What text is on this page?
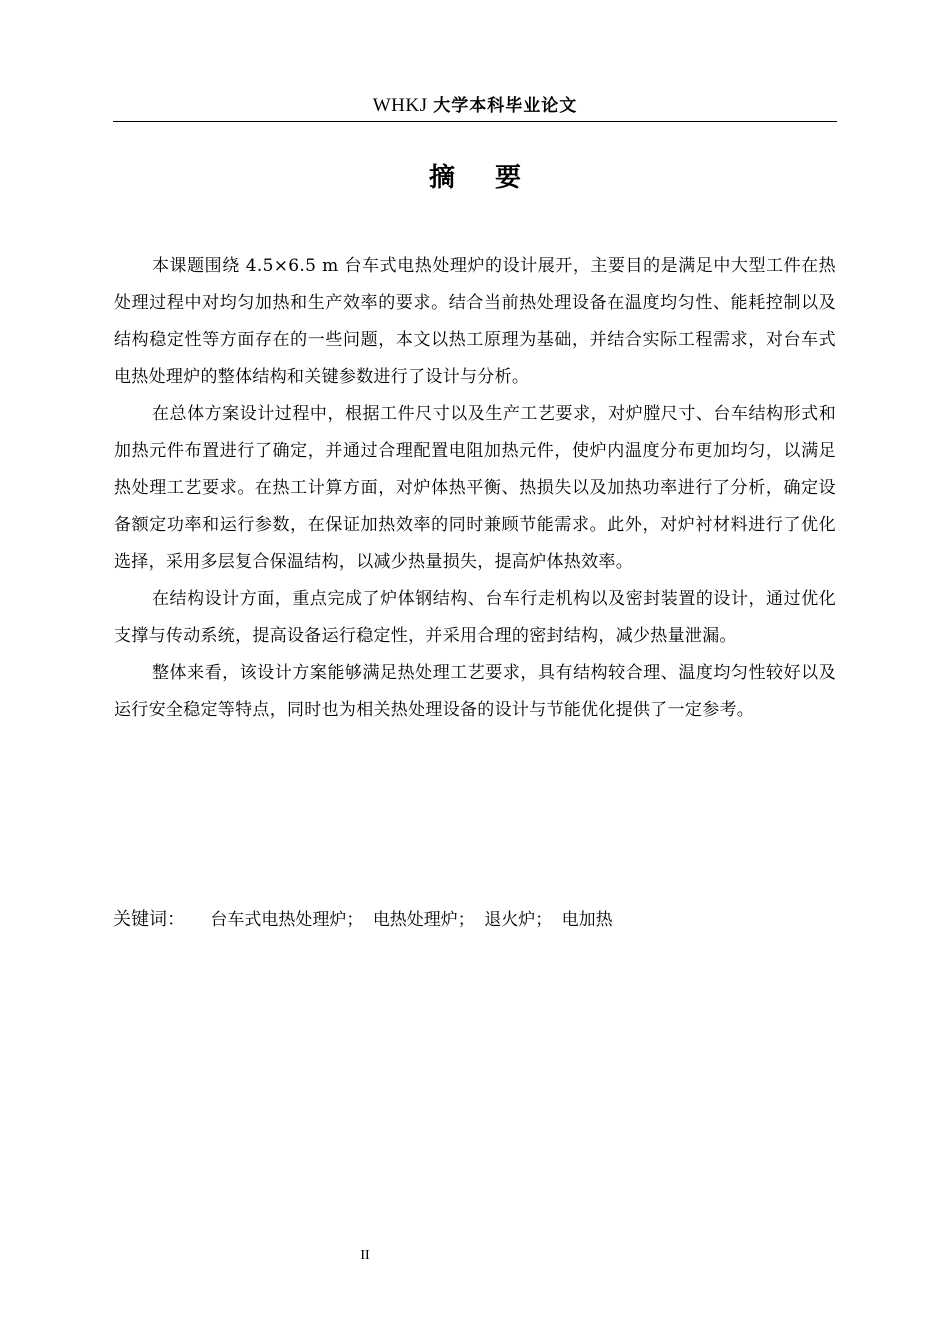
WHKJ 大学本科毕业论文
摘要

本课题围绕 4.5×6.5 m 台车式电热处理炉的设计展开，主要目的是满足中大型工件在热处理过程中对均匀加热和生产效率的要求。结合当前热处理设备在温度均匀性、能耗控制以及结构稳定性等方面存在的一些问题，本文以热工原理为基础，并结合实际工程需求，对台车式电热处理炉的整体结构和关键参数进行了设计与分析。

在总体方案设计过程中，根据工件尺寸以及生产工艺要求，对炉膛尺寸、台车结构形式和加热元件布置进行了确定，并通过合理配置电阻加热元件，使炉内温度分布更加均匀，以满足热处理工艺要求。在热工计算方面，对炉体热平衡、热损失以及加热功率进行了分析，确定设备额定功率和运行参数，在保证加热效率的同时兼顾节能需求。此外，对炉衬材料进行了优化选择，采用多层复合保温结构，以减少热量损失，提高炉体热效率。

在结构设计方面，重点完成了炉体钢结构、台车行走机构以及密封装置的设计，通过优化支撑与传动系统，提高设备运行稳定性，并采用合理的密封结构，减少热量泄漏。

整体来看，该设计方案能够满足热处理工艺要求，具有结构较合理、温度均匀性较好以及运行安全稳定等特点，同时也为相关热处理设备的设计与节能优化提供了一定参考。

关键词： 台车式电热处理炉； 电热处理炉； 退火炉； 电加热
II
